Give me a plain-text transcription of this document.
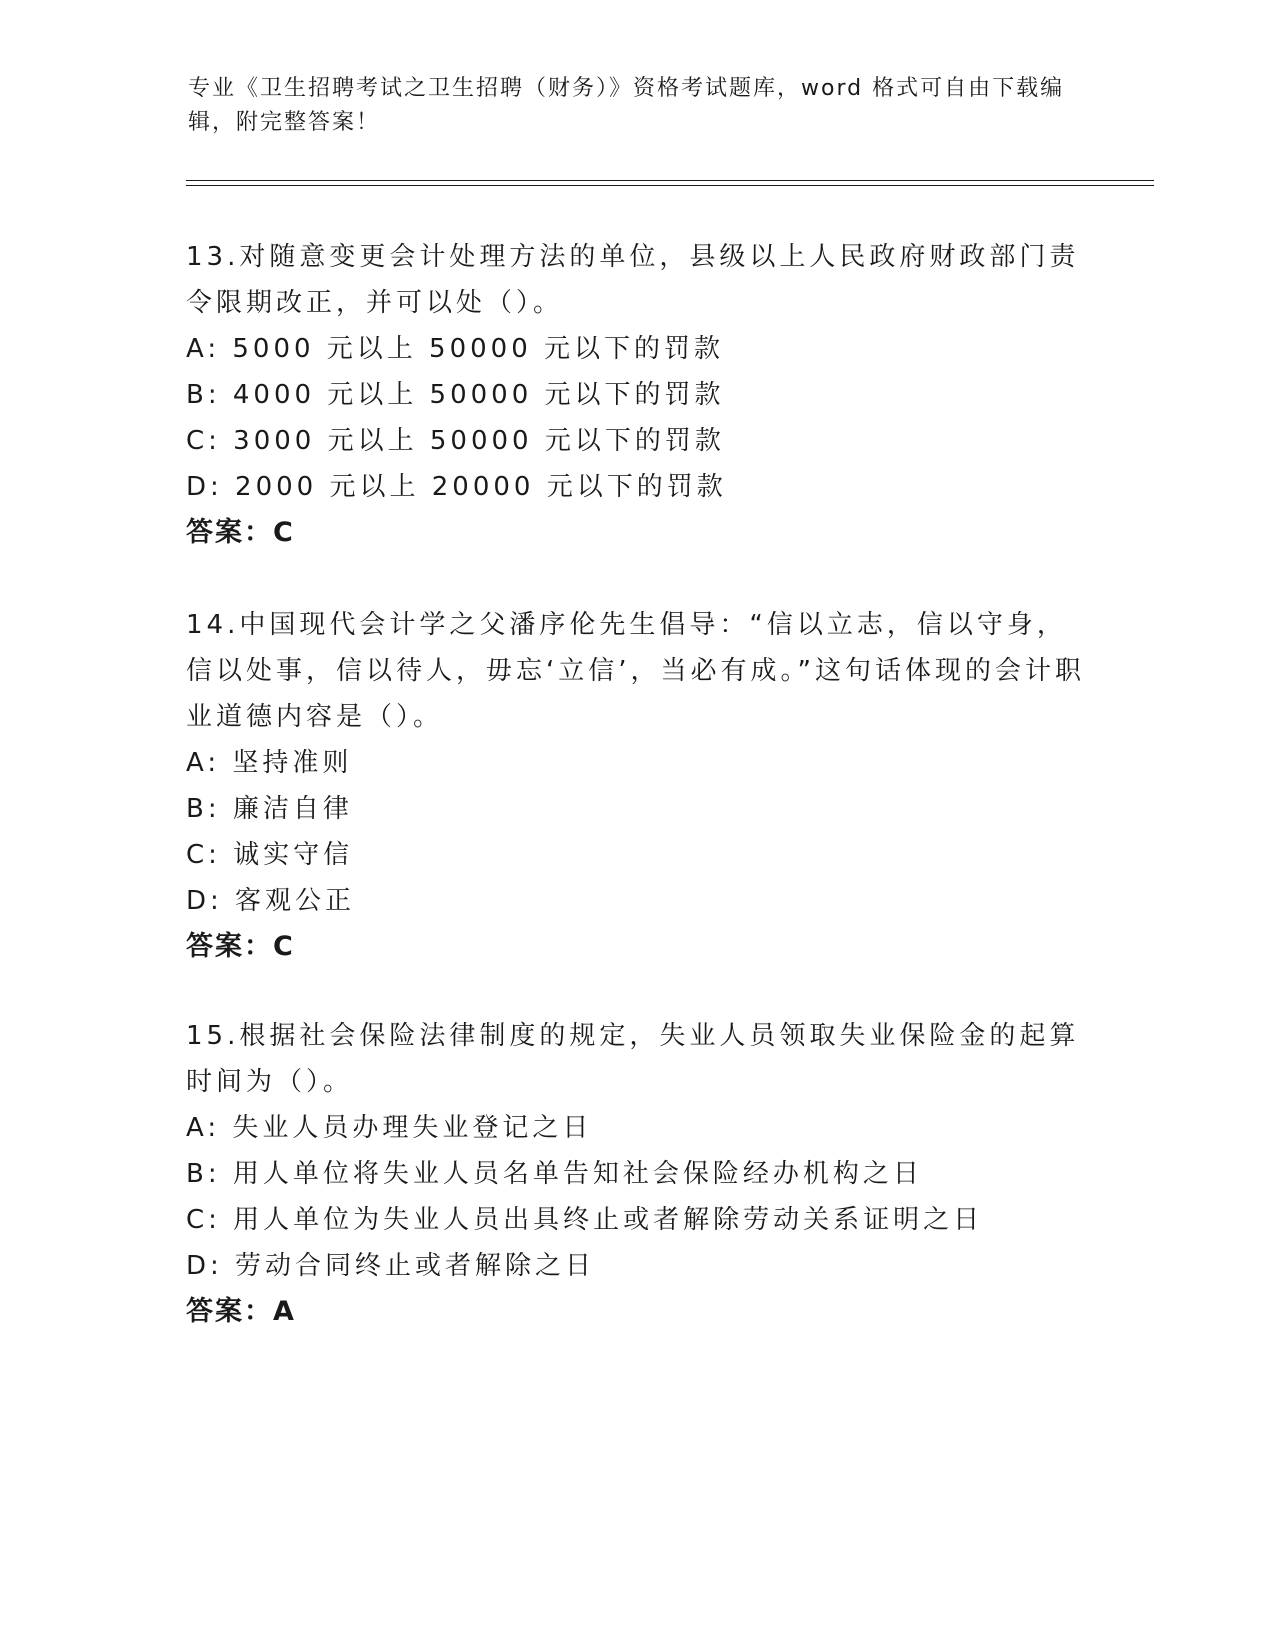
专业《卫生招聘考试之卫生招聘（财务）》资格考试题库，word 格式可自由下载编辑，附完整答案！

13.对随意变更会计处理方法的单位，县级以上人民政府财政部门责令限期改正，并可以处（）。

A: 5000 元以上 50000 元以下的罚款

B: 4000 元以上 50000 元以下的罚款

C: 3000 元以上 50000 元以下的罚款

D: 2000 元以上 20000 元以下的罚款

答案：C

14.中国现代会计学之父潘序伦先生倡导：“信以立志，信以守身，信以处事，信以待人，毋忘‘立信’，当必有成。”这句话体现的会计职业道德内容是（）。

A: 坚持准则

B: 廉洁自律

C: 诚实守信

D: 客观公正

答案：C

15.根据社会保险法律制度的规定，失业人员领取失业保险金的起算时间为（）。

A: 失业人员办理失业登记之日

B: 用人单位将失业人员名单告知社会保险经办机构之日

C: 用人单位为失业人员出具终止或者解除劳动关系证明之日

D: 劳动合同终止或者解除之日

答案：A
